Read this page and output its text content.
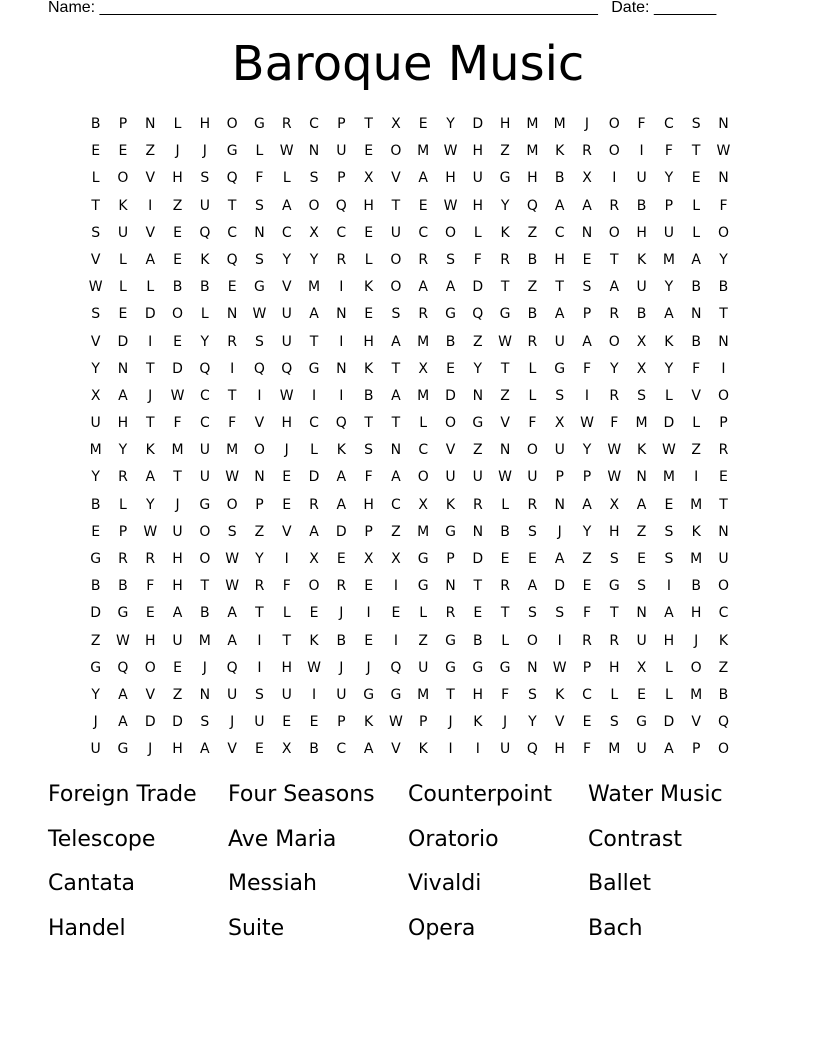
Name: ________________________________________________________ Date: _______
Baroque Music
B	P	N	L	H	O	G	R	C	P	T	X	E	Y	D	H	M	M	J	O	F	C	S	N
E	E	Z	J	J	G	L	W	N	U	E	O	M	W	H	Z	M	K	R	O	I	F	T	W
L	O	V	H	S	Q	F	L	S	P	X	V	A	H	U	G	H	B	X	I	U	Y	E	N
T	K	I	Z	U	T	S	A	O	Q	H	T	E	W	H	Y	Q	A	A	R	B	P	L	F
S	U	V	E	Q	C	N	C	X	C	E	U	C	O	L	K	Z	C	N	O	H	U	L	O
V	L	A	E	K	Q	S	Y	Y	R	L	O	R	S	F	R	B	H	E	T	K	M	A	Y
W	L	L	B	B	E	G	V	M	I	K	O	A	A	D	T	Z	T	S	A	U	Y	B	B
S	E	D	O	L	N	W	U	A	N	E	S	R	G	Q	G	B	A	P	R	B	A	N	T
V	D	I	E	Y	R	S	U	T	I	H	A	M	B	Z	W	R	U	A	O	X	K	B	N
Y	N	T	D	Q	I	Q	Q	G	N	K	T	X	E	Y	T	L	G	F	Y	X	Y	F	I
X	A	J	W	C	T	I	W	I	I	B	A	M	D	N	Z	L	S	I	R	S	L	V	O
U	H	T	F	C	F	V	H	C	Q	T	T	L	O	G	V	F	X	W	F	M	D	L	P
M	Y	K	M	U	M	O	J	L	K	S	N	C	V	Z	N	O	U	Y	W	K	W	Z	R
Y	R	A	T	U	W	N	E	D	A	F	A	O	U	U	W	U	P	P	W	N	M	I	E
B	L	Y	J	G	O	P	E	R	A	H	C	X	K	R	L	R	N	A	X	A	E	M	T
E	P	W	U	O	S	Z	V	A	D	P	Z	M	G	N	B	S	J	Y	H	Z	S	K	N
G	R	R	H	O	W	Y	I	X	E	X	X	G	P	D	E	E	A	Z	S	E	S	M	U
B	B	F	H	T	W	R	F	O	R	E	I	G	N	T	R	A	D	E	G	S	I	B	O
D	G	E	A	B	A	T	L	E	J	I	E	L	R	E	T	S	S	F	T	N	A	H	C
Z	W	H	U	M	A	I	T	K	B	E	I	Z	G	B	L	O	I	R	R	U	H	J	K
G	Q	O	E	J	Q	I	H	W	J	J	Q	U	G	G	G	N	W	P	H	X	L	O	Z
Y	A	V	Z	N	U	S	U	I	U	G	G	M	T	H	F	S	K	C	L	E	L	M	B
J	A	D	D	S	J	U	E	E	P	K	W	P	J	K	J	Y	V	E	S	G	D	V	Q
U	G	J	H	A	V	E	X	B	C	A	V	K	I	I	U	Q	H	F	M	U	A	P	O
Foreign Trade	Four Seasons	Counterpoint	Water Music
Telescope	Ave Maria	Oratorio	Contrast
Cantata	Messiah	Vivaldi	Ballet
Handel	Suite	Opera	Bach
